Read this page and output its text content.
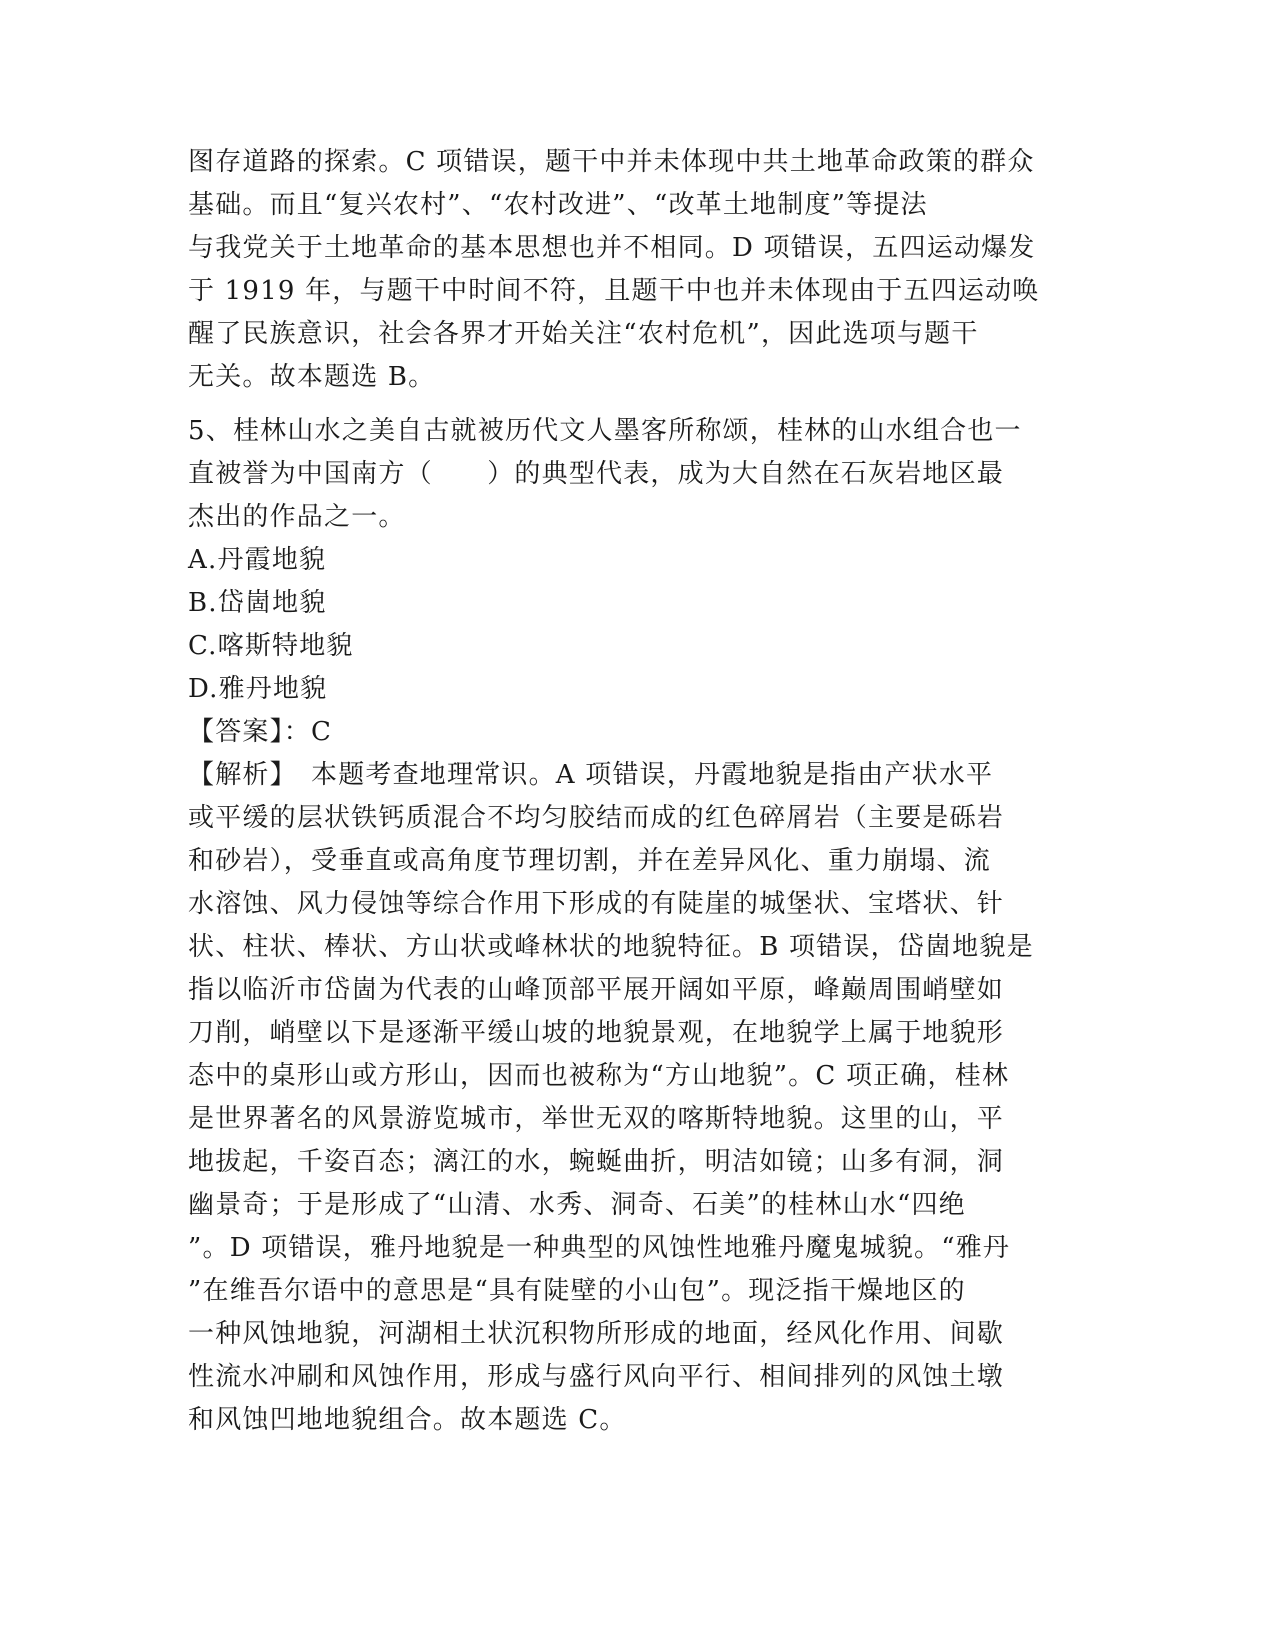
图存道路的探索。C 项错误，题干中并未体现中共土地革命政策的群众
基础。而且“复兴农村”、“农村改进”、“改革土地制度”等提法
与我党关于土地革命的基本思想也并不相同。D 项错误，五四运动爆发
于 1919 年，与题干中时间不符，且题干中也并未体现由于五四运动唤
醒了民族意识，社会各界才开始关注“农村危机”，因此选项与题干
无关。故本题选 B。
5、桂林山水之美自古就被历代文人墨客所称颂，桂林的山水组合也一
直被誉为中国南方（　　）的典型代表，成为大自然在石灰岩地区最
杰出的作品之一。
A.丹霞地貌
B.岱崮地貌
C.喀斯特地貌
D.雅丹地貌
【答案】：C
【解析】　本题考查地理常识。A 项错误，丹霞地貌是指由产状水平
或平缓的层状铁钙质混合不均匀胶结而成的红色碎屑岩（主要是砾岩
和砂岩），受垂直或高角度节理切割，并在差异风化、重力崩塌、流
水溶蚀、风力侵蚀等综合作用下形成的有陡崖的城堡状、宝塔状、针
状、柱状、棒状、方山状或峰林状的地貌特征。B 项错误，岱崮地貌是
指以临沂市岱崮为代表的山峰顶部平展开阔如平原，峰巅周围峭壁如
刀削，峭壁以下是逐渐平缓山坡的地貌景观，在地貌学上属于地貌形
态中的桌形山或方形山，因而也被称为“方山地貌”。C 项正确，桂林
是世界著名的风景游览城市，举世无双的喀斯特地貌。这里的山，平
地拔起，千姿百态；漓江的水，蜿蜒曲折，明洁如镜；山多有洞，洞
幽景奇；于是形成了“山清、水秀、洞奇、石美”的桂林山水“四绝
”。D 项错误，雅丹地貌是一种典型的风蚀性地雅丹魔鬼城貌。“雅丹
”在维吾尔语中的意思是“具有陡壁的小山包”。现泛指干燥地区的
一种风蚀地貌，河湖相土状沉积物所形成的地面，经风化作用、间歇
性流水冲刷和风蚀作用，形成与盛行风向平行、相间排列的风蚀土墩
和风蚀凹地地貌组合。故本题选 C。
